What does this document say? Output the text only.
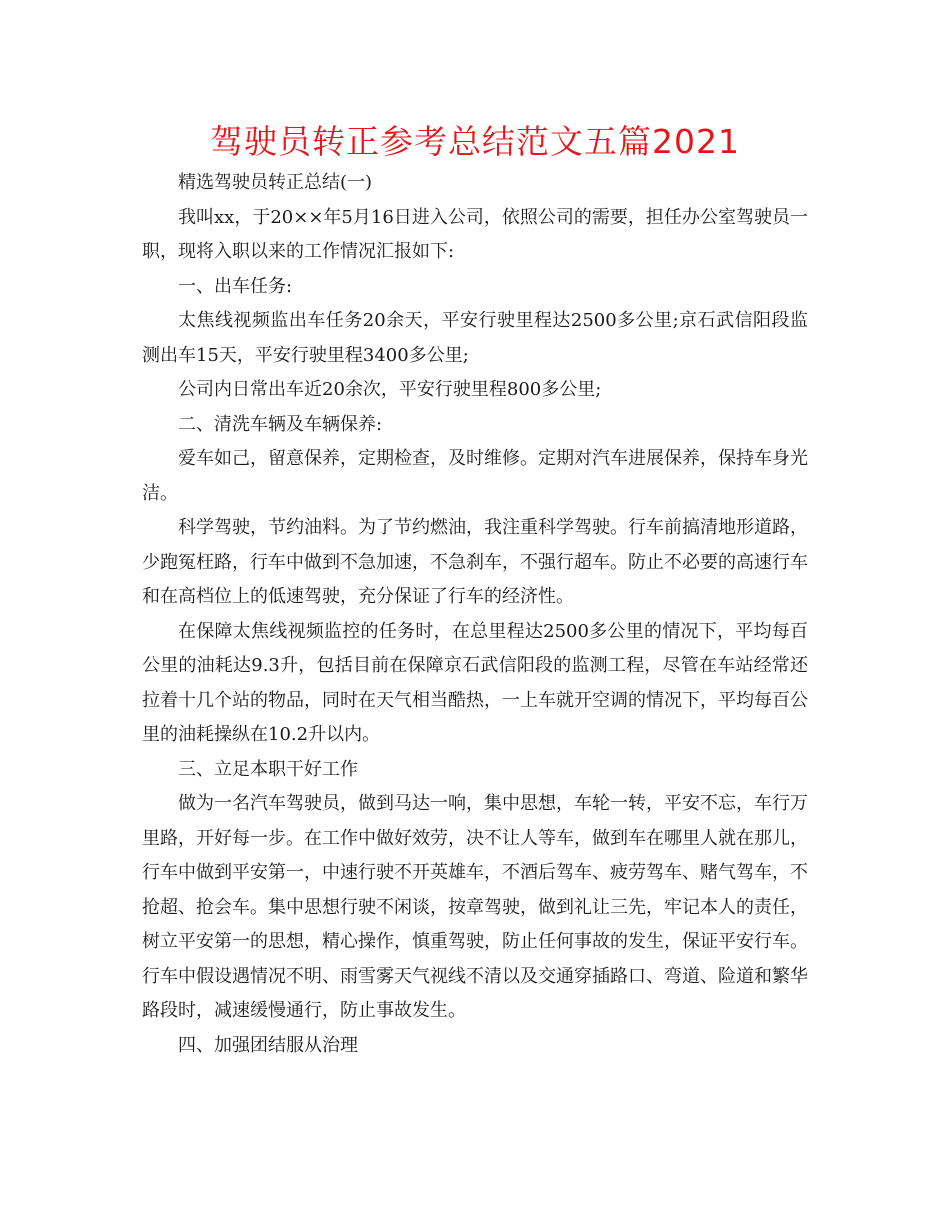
驾驶员转正参考总结范文五篇2021

精选驾驶员转正总结(一)

我叫xx，于20××年5月16日进入公司，依照公司的需要，担任办公室驾驶员一职，现将入职以来的工作情况汇报如下:

一、出车任务:

太焦线视频监出车任务20余天，平安行驶里程达2500多公里;京石武信阳段监测出车15天，平安行驶里程3400多公里;

公司内日常出车近20余次，平安行驶里程800多公里;

二、清洗车辆及车辆保养:

爱车如己，留意保养，定期检查，及时维修。定期对汽车进展保养，保持车身光洁。

科学驾驶，节约油料。为了节约燃油，我注重科学驾驶。行车前搞清地形道路，少跑冤枉路，行车中做到不急加速，不急刹车，不强行超车。防止不必要的高速行车和在高档位上的低速驾驶，充分保证了行车的经济性。

在保障太焦线视频监控的任务时，在总里程达2500多公里的情况下，平均每百公里的油耗达9.3升，包括目前在保障京石武信阳段的监测工程，尽管在车站经常还拉着十几个站的物品，同时在天气相当酷热，一上车就开空调的情况下，平均每百公里的油耗操纵在10.2升以内。

三、立足本职干好工作

做为一名汽车驾驶员，做到马达一响，集中思想，车轮一转，平安不忘，车行万里路，开好每一步。在工作中做好效劳，决不让人等车，做到车在哪里人就在那儿，行车中做到平安第一，中速行驶不开英雄车，不酒后驾车、疲劳驾车、赌气驾车，不抢超、抢会车。集中思想行驶不闲谈，按章驾驶，做到礼让三先，牢记本人的责任，树立平安第一的思想，精心操作，慎重驾驶，防止任何事故的发生，保证平安行车。行车中假设遇情况不明、雨雪雾天气视线不清以及交通穿插路口、弯道、险道和繁华路段时，减速缓慢通行，防止事故发生。

四、加强团结服从治理
